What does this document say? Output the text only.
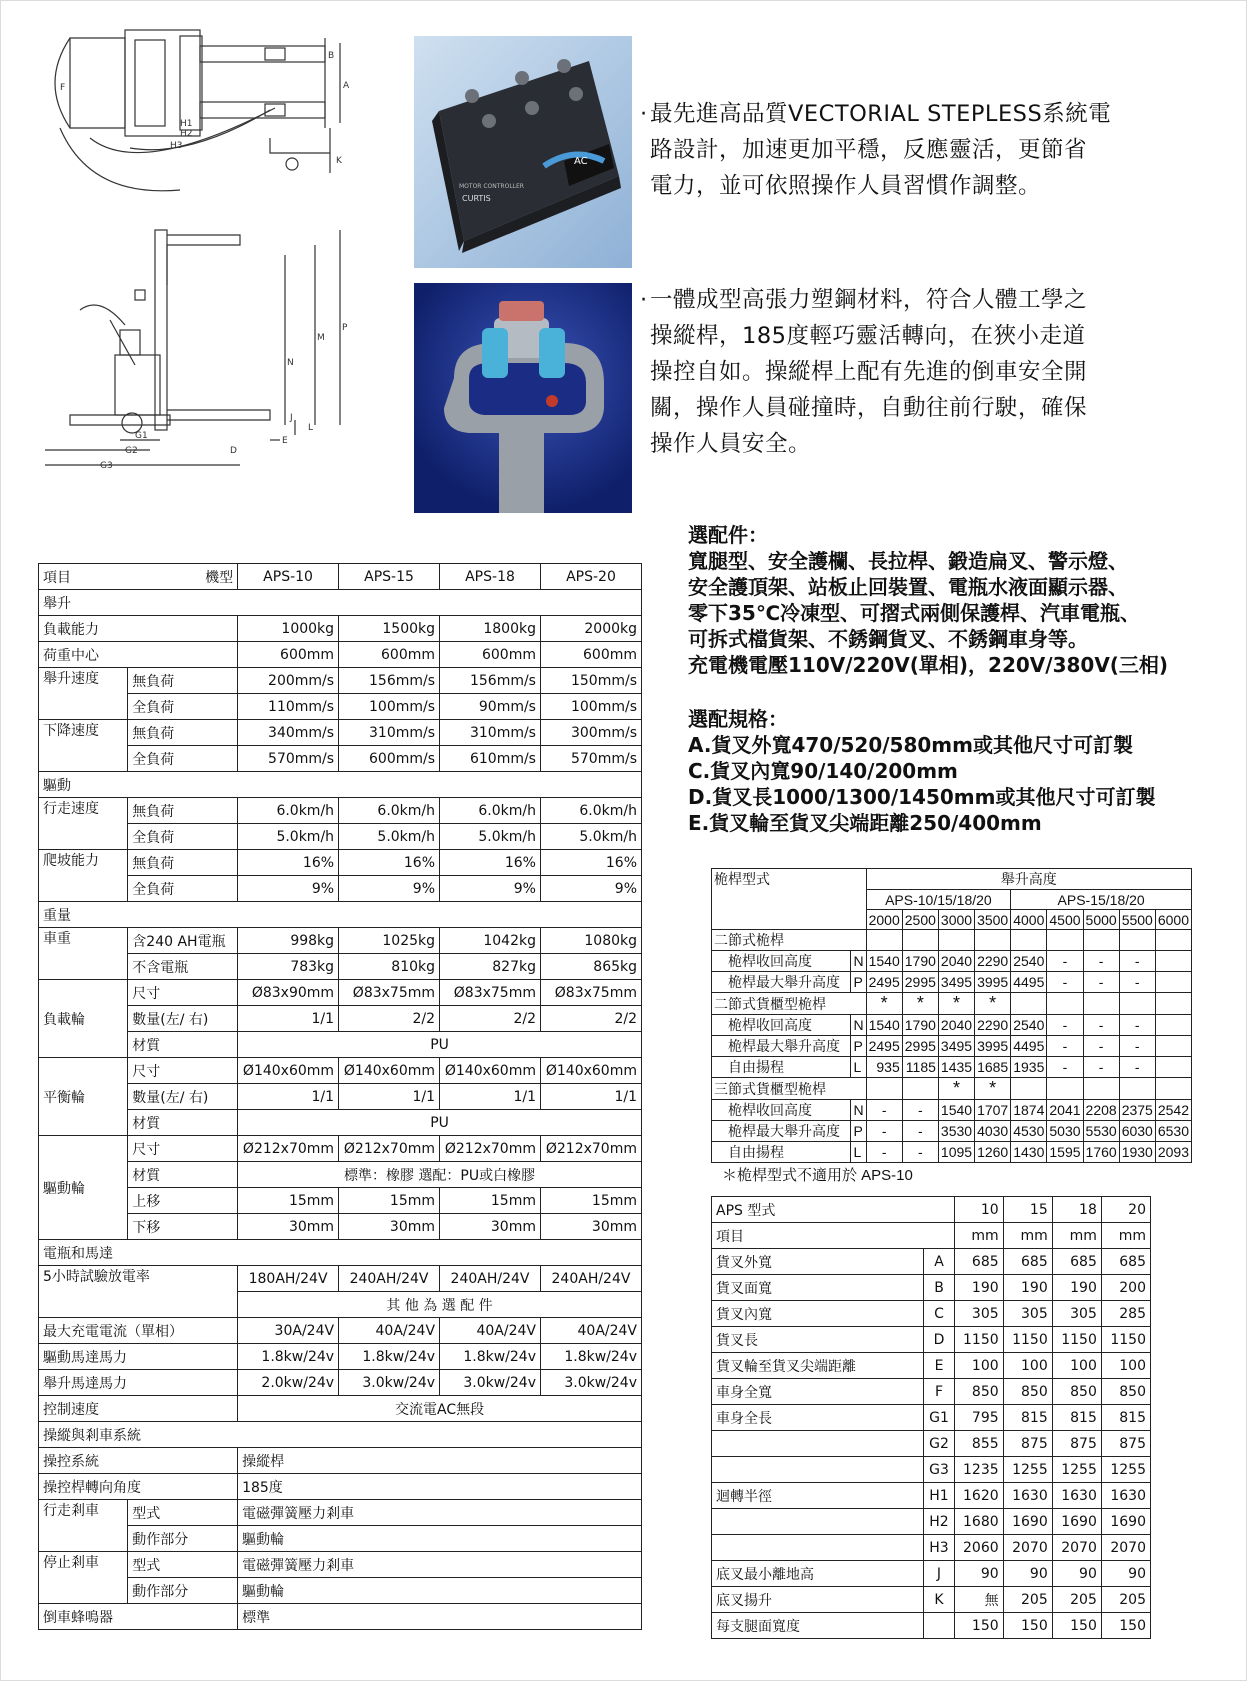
B
A
F
H1
H2
H3
K
P
M
N
J
L
E
G1
G2
G3
D
AC
MOTOR CONTROLLER
CURTIS
· 最先進高品質VECTORIAL STEPLESS系統電
路設計，加速更加平穩，反應靈活，更節省
電力，並可依照操作人員習慣作調整。
· 一體成型高張力塑鋼材料，符合人體工學之
操縱桿，185度輕巧靈活轉向，在狹小走道
操控自如。操縱桿上配有先進的倒車安全開
關，操作人員碰撞時，自動往前行駛，確保
操作人員安全。
選配件：
寬腿型、安全護欄、長拉桿、鍛造扁叉、警示燈、
安全護頂架、站板止回裝置、電瓶水液面顯示器、
零下35℃冷凍型、可摺式兩側保護桿、汽車電瓶、
可拆式檔貨架、不銹鋼貨叉、不銹鋼車身等。
充電機電壓110V/220V(單相)，220V/380V(三相)
選配規格：
A.貨叉外寬470/520/580mm或其他尺寸可訂製
C.貨叉內寬90/140/200mm
D.貨叉長1000/1300/1450mm或其他尺寸可訂製
E.貨叉輪至貨叉尖端距離250/400mm
項目 機型		APS-10	APS-15	APS-18	APS-20
舉升					
負載能力		1000kg	1500kg	1800kg	2000kg
荷重中心		600mm	600mm	600mm	600mm
舉升速度	無負荷	200mm/s	156mm/s	156mm/s	150mm/s
	全負荷	110mm/s	100mm/s	90mm/s	100mm/s
下降速度	無負荷	340mm/s	310mm/s	310mm/s	300mm/s
	全負荷	570mm/s	600mm/s	610mm/s	570mm/s
驅動					
行走速度	無負荷	6.0km/h	6.0km/h	6.0km/h	6.0km/h
	全負荷	5.0km/h	5.0km/h	5.0km/h	5.0km/h
爬坡能力	無負荷	16%	16%	16%	16%
	全負荷	9%	9%	9%	9%
重量					
車重	含240 AH電瓶	998kg	1025kg	1042kg	1080kg
	不含電瓶	783kg	810kg	827kg	865kg
負載輪	尺寸	Ø83x90mm	Ø83x75mm	Ø83x75mm	Ø83x75mm
	數量(左/ 右)	1/1	2/2	2/2	2/2
	材質	PU			
平衡輪	尺寸	Ø140x60mm	Ø140x60mm	Ø140x60mm	Ø140x60mm
	數量(左/ 右)	1/1	1/1	1/1	1/1
	材質	PU			
驅動輪	尺寸	Ø212x70mm	Ø212x70mm	Ø212x70mm	Ø212x70mm
	材質	標準：橡膠 選配：PU或白橡膠			
	上移	15mm	15mm	15mm	15mm
	下移	30mm	30mm	30mm	30mm
電瓶和馬達					
5小時試驗放電率		180AH/24V	240AH/24V	240AH/24V	240AH/24V
		其 他 為 選 配 件			
最大充電電流（單相）		30A/24V	40A/24V	40A/24V	40A/24V
驅動馬達馬力		1.8kw/24v	1.8kw/24v	1.8kw/24v	1.8kw/24v
舉升馬達馬力		2.0kw/24v	3.0kw/24v	3.0kw/24v	3.0kw/24v
控制速度		交流電AC無段			
操縱與剎車系統					
操控系統		操縱桿			
操控桿轉向角度		185度			
行走剎車	型式	電磁彈簧壓力剎車			
	動作部分	驅動輪			
停止剎車	型式	電磁彈簧壓力剎車			
	動作部分	驅動輪			
倒車蜂鳴器		標準			
桅桿型式		舉升高度								
		APS-10/15/18/20				APS-15/18/20				
		2000	2500	3000	3500	4000	4500	5000	5500	6000
二節式桅桿										
桅桿收回高度	N	1540	1790	2040	2290	2540	-	-	-	
桅桿最大舉升高度	P	2495	2995	3495	3995	4495	-	-	-	
二節式貨櫃型桅桿		*	*	*	*					
桅桿收回高度	N	1540	1790	2040	2290	2540	-	-	-	
桅桿最大舉升高度	P	2495	2995	3495	3995	4495	-	-	-	
自由揚程	L	935	1185	1435	1685	1935	-	-	-	
三節式貨櫃型桅桿				*	*					
桅桿收回高度	N	-	-	1540	1707	1874	2041	2208	2375	2542
桅桿最大舉升高度	P	-	-	3530	4030	4530	5030	5530	6030	6530
自由揚程	L	-	-	1095	1260	1430	1595	1760	1930	2093
＊桅桿型式不適用於 APS-10
APS 型式		10	15	18	20
項目		mm	mm	mm	mm
貨叉外寬	A	685	685	685	685
貨叉面寬	B	190	190	190	200
貨叉內寬	C	305	305	305	285
貨叉長	D	1150	1150	1150	1150
貨叉輪至貨叉尖端距離	E	100	100	100	100
車身全寬	F	850	850	850	850
車身全長	G1	795	815	815	815
	G2	855	875	875	875
	G3	1235	1255	1255	1255
迴轉半徑	H1	1620	1630	1630	1630
	H2	1680	1690	1690	1690
	H3	2060	2070	2070	2070
底叉最小離地高	J	90	90	90	90
底叉揚升	K	無	205	205	205
每支腿面寬度		150	150	150	150
